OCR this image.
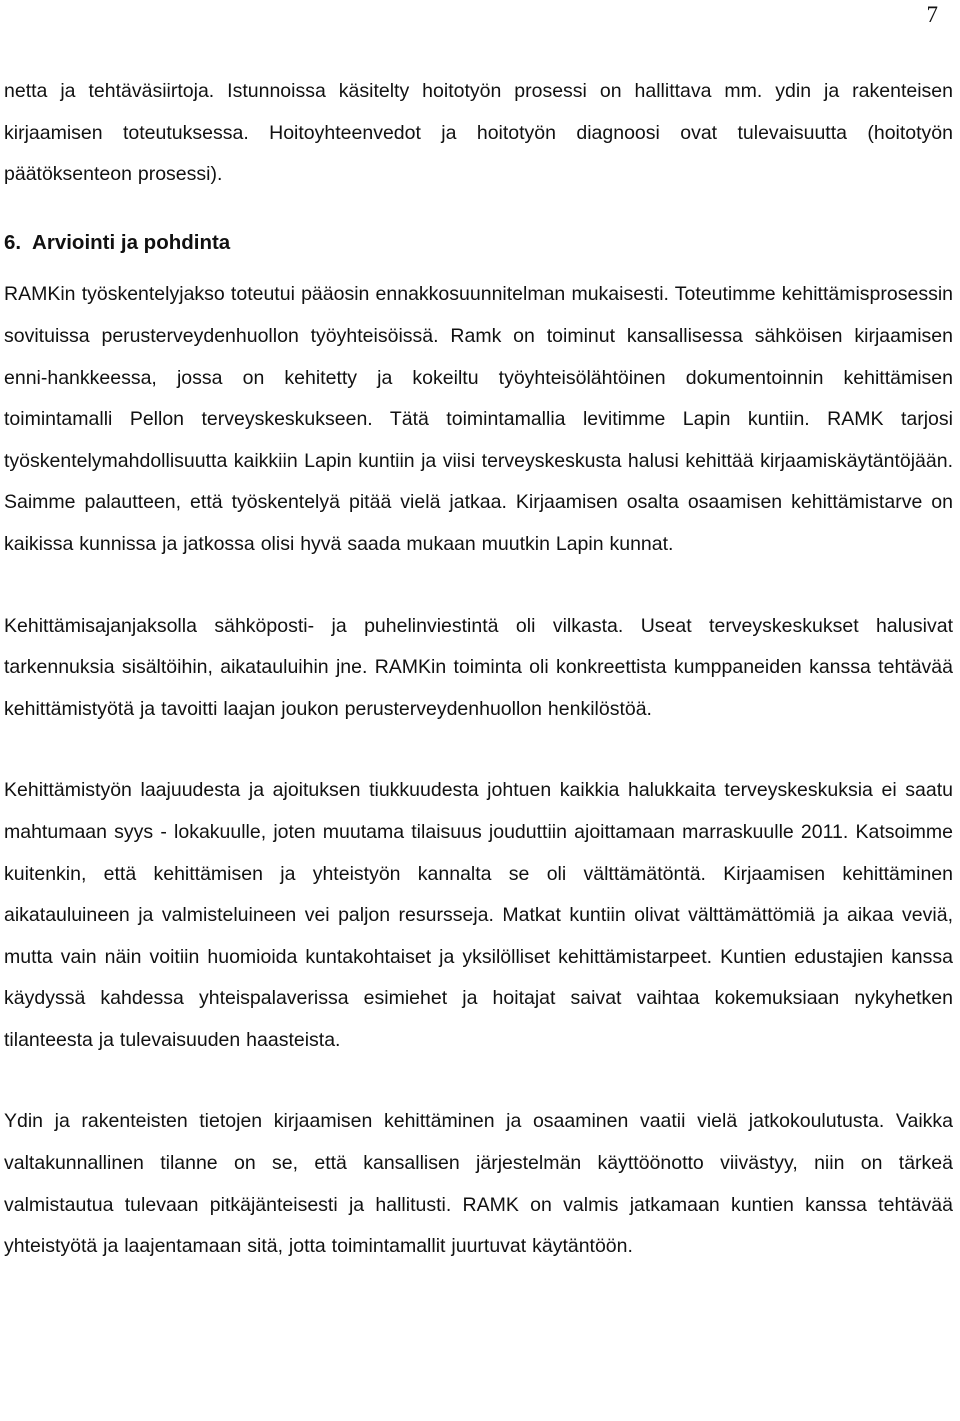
7

netta ja tehtäväsiirtoja. Istunnoissa käsitelty hoitotyön prosessi on hallittava mm. ydin ja rakenteisen kirjaamisen toteutuksessa. Hoitoyhteenvedot ja hoitotyön diagnoosi ovat tulevaisuutta (hoitotyön päätöksenteon prosessi).

6. Arviointi ja pohdinta

RAMKin työskentelyjakso toteutui pääosin ennakkosuunnitelman mukaisesti. Toteutimme kehittämisprosessin sovituissa perusterveydenhuollon työyhteisöissä. Ramk on toiminut kansallisessa sähköisen kirjaamisen enni-hankkeessa, jossa on kehitetty ja kokeiltu työyhteisölähtöinen dokumentoinnin kehittämisen toimintamalli Pellon terveyskeskukseen. Tätä toimintamallia levitimme Lapin kuntiin. RAMK tarjosi työskentelymahdollisuutta kaikkiin Lapin kuntiin ja viisi terveyskeskusta halusi kehittää kirjaamiskäytäntöjään. Saimme palautteen, että työskentelyä pitää vielä jatkaa. Kirjaamisen osalta osaamisen kehittämistarve on kaikissa kunnissa ja jatkossa olisi hyvä saada mukaan muutkin Lapin kunnat.

Kehittämisajanjaksolla sähköposti- ja puhelinviestintä oli vilkasta. Useat terveyskeskukset halusivat tarkennuksia sisältöihin, aikatauluihin jne. RAMKin toiminta oli konkreettista kumppaneiden kanssa tehtävää kehittämistyötä ja tavoitti laajan joukon perusterveydenhuollon henkilöstöä.

Kehittämistyön laajuudesta ja ajoituksen tiukkuudesta johtuen kaikkia halukkaita terveyskeskuksia ei saatu mahtumaan syys - lokakuulle, joten muutama tilaisuus jouduttiin ajoittamaan marraskuulle 2011. Katsoimme kuitenkin, että kehittämisen ja yhteistyön kannalta se oli välttämätöntä. Kirjaamisen kehittäminen aikatauluineen ja valmisteluineen vei paljon resursseja. Matkat kuntiin olivat välttämättömiä ja aikaa veviä, mutta vain näin voitiin huomioida kuntakohtaiset ja yksilölliset kehittämistarpeet. Kuntien edustajien kanssa käydyssä kahdessa yhteispalaverissa esimiehet ja hoitajat saivat vaihtaa kokemuksiaan nykyhetken tilanteesta ja tulevaisuuden haasteista.

Ydin ja rakenteisten tietojen kirjaamisen kehittäminen ja osaaminen vaatii vielä jatkokoulutusta. Vaikka valtakunnallinen tilanne on se, että kansallisen järjestelmän käyttöönotto viivästyy, niin on tärkeä valmistautua tulevaan pitkäjänteisesti ja hallitusti. RAMK on valmis jatkamaan kuntien kanssa tehtävää yhteistyötä ja laajentamaan sitä, jotta toimintamallit juurtuvat käytäntöön.
